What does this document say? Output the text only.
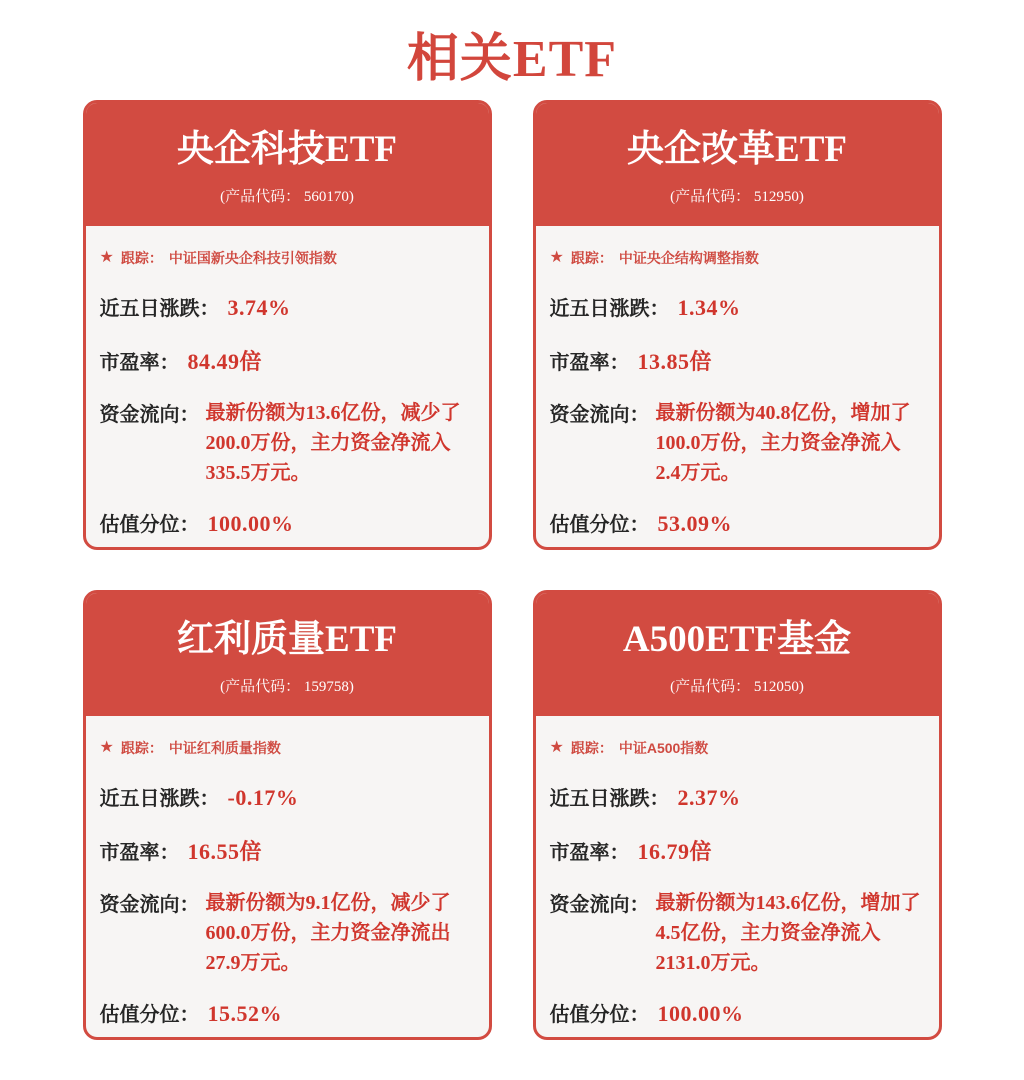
相关ETF
央企科技ETF
(产品代码： 560170)
★ 跟踪： 中证国新央企科技引领指数
近五日涨跌： 3.74%
市盈率： 84.49倍
资金流向： 最新份额为13.6亿份，减少了200.0万份，主力资金净流入335.5万元。
估值分位： 100.00%
央企改革ETF
(产品代码： 512950)
★ 跟踪： 中证央企结构调整指数
近五日涨跌： 1.34%
市盈率： 13.85倍
资金流向： 最新份额为40.8亿份，增加了100.0万份，主力资金净流入2.4万元。
估值分位： 53.09%
红利质量ETF
(产品代码： 159758)
★ 跟踪： 中证红利质量指数
近五日涨跌： -0.17%
市盈率： 16.55倍
资金流向： 最新份额为9.1亿份，减少了600.0万份，主力资金净流出27.9万元。
估值分位： 15.52%
A500ETF基金
(产品代码： 512050)
★ 跟踪： 中证A500指数
近五日涨跌： 2.37%
市盈率： 16.79倍
资金流向： 最新份额为143.6亿份，增加了4.5亿份，主力资金净流入2131.0万元。
估值分位： 100.00%
